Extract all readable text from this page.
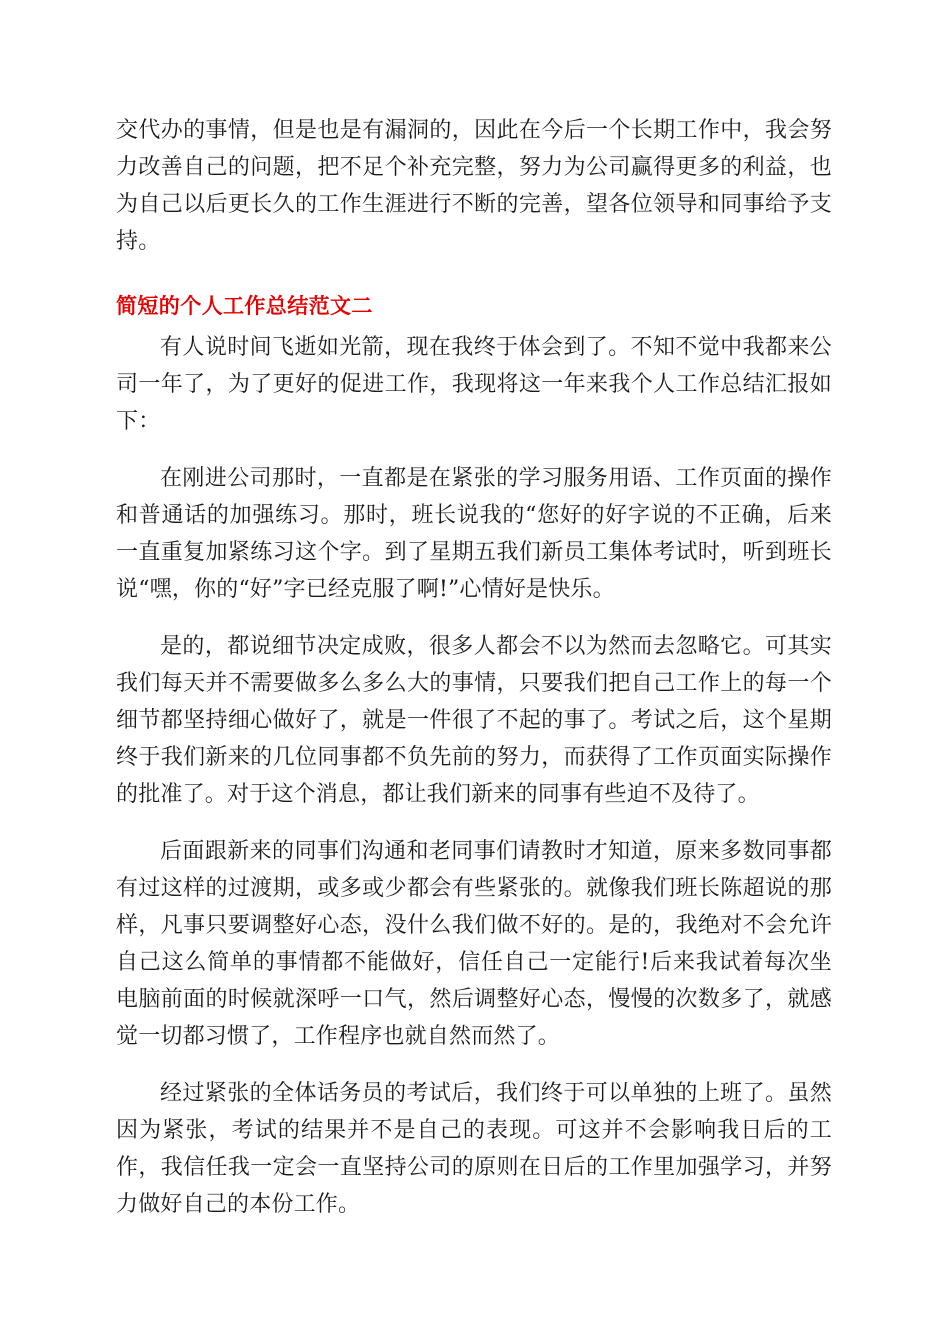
交代办的事情，但是也是有漏洞的，因此在今后一个长期工作中，我会努力改善自己的问题，把不足个补充完整，努力为公司赢得更多的利益，也为自己以后更长久的工作生涯进行不断的完善，望各位领导和同事给予支持。

简短的个人工作总结范文二

有人说时间飞逝如光箭，现在我终于体会到了。不知不觉中我都来公司一年了，为了更好的促进工作，我现将这一年来我个人工作总结汇报如下：

在刚进公司那时，一直都是在紧张的学习服务用语、工作页面的操作和普通话的加强练习。那时，班长说我的“您好的好字说的不正确，后来一直重复加紧练习这个字。到了星期五我们新员工集体考试时，听到班长说“嘿，你的“好”字已经克服了啊!”心情好是快乐。

是的，都说细节决定成败，很多人都会不以为然而去忽略它。可其实我们每天并不需要做多么多么大的事情，只要我们把自己工作上的每一个细节都坚持细心做好了，就是一件很了不起的事了。考试之后，这个星期终于我们新来的几位同事都不负先前的努力，而获得了工作页面实际操作的批准了。对于这个消息，都让我们新来的同事有些迫不及待了。

后面跟新来的同事们沟通和老同事们请教时才知道，原来多数同事都有过这样的过渡期，或多或少都会有些紧张的。就像我们班长陈超说的那样，凡事只要调整好心态，没什么我们做不好的。是的，我绝对不会允许自己这么简单的事情都不能做好，信任自己一定能行!后来我试着每次坐电脑前面的时候就深呼一口气，然后调整好心态，慢慢的次数多了，就感觉一切都习惯了，工作程序也就自然而然了。

经过紧张的全体话务员的考试后，我们终于可以单独的上班了。虽然因为紧张，考试的结果并不是自己的表现。可这并不会影响我日后的工作，我信任我一定会一直坚持公司的原则在日后的工作里加强学习，并努力做好自己的本份工作。
